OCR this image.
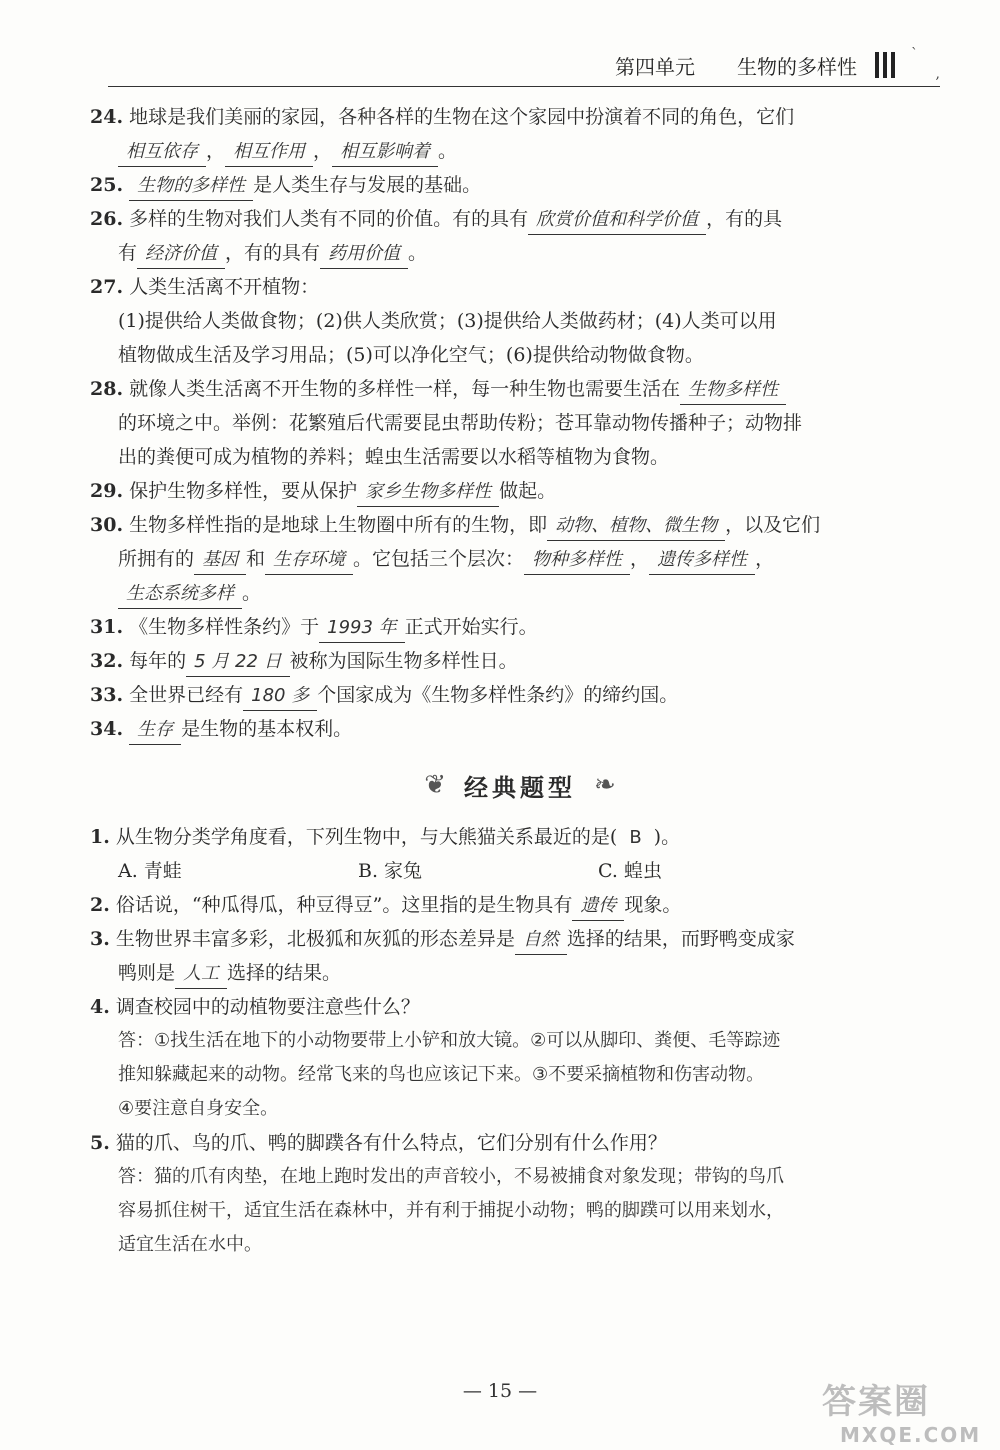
第四单元 生物的多样性
`
,
24. 地球是我们美丽的家园，各种各样的生物在这个家园中扮演着不同的角色，它们
相互依存 ， 相互作用 ， 相互影响着 。
25. 生物的多样性 是人类生存与发展的基础。
26. 多样的生物对我们人类有不同的价值。有的具有 欣赏价值和科学价值 ，有的具
有 经济价值 ，有的具有 药用价值 。
27. 人类生活离不开植物：
(1)提供给人类做食物；(2)供人类欣赏；(3)提供给人类做药材；(4)人类可以用
植物做成生活及学习用品；(5)可以净化空气；(6)提供给动物做食物。
28. 就像人类生活离不开生物的多样性一样，每一种生物也需要生活在 生物多样性
的环境之中。举例：花繁殖后代需要昆虫帮助传粉；苍耳靠动物传播种子；动物排
出的粪便可成为植物的养料；蝗虫生活需要以水稻等植物为食物。
29. 保护生物多样性，要从保护 家乡生物多样性 做起。
30. 生物多样性指的是地球上生物圈中所有的生物，即 动物、植物、微生物 ，以及它们
所拥有的 基因 和 生存环境 。它包括三个层次： 物种多样性 ， 遗传多样性 ，
生态系统多样 。
31. 《生物多样性条约》于 1993 年 正式开始实行。
32. 每年的 5 月 22 日 被称为国际生物多样性日。
33. 全世界已经有 180 多 个国家成为《生物多样性条约》的缔约国。
34. 生存 是生物的基本权利。
❦ 经典题型 ❧
1. 从生物分类学角度看，下列生物中，与大熊猫关系最近的是( B )。
A. 青蛙	B. 家兔	C. 蝗虫
2. 俗话说，“种瓜得瓜，种豆得豆”。这里指的是生物具有 遗传 现象。
3. 生物世界丰富多彩，北极狐和灰狐的形态差异是 自然 选择的结果，而野鸭变成家
鸭则是 人工 选择的结果。
4. 调查校园中的动植物要注意些什么？
答：①找生活在地下的小动物要带上小铲和放大镜。②可以从脚印、粪便、毛等踪迹
推知躲藏起来的动物。经常飞来的鸟也应该记下来。③不要采摘植物和伤害动物。
④要注意自身安全。
5. 猫的爪、鸟的爪、鸭的脚蹼各有什么特点，它们分别有什么作用？
答：猫的爪有肉垫，在地上跑时发出的声音较小，不易被捕食对象发现；带钩的鸟爪
容易抓住树干，适宜生活在森林中，并有利于捕捉小动物；鸭的脚蹼可以用来划水，
适宜生活在水中。
— 15 —	答案圈
MXQE.COM
